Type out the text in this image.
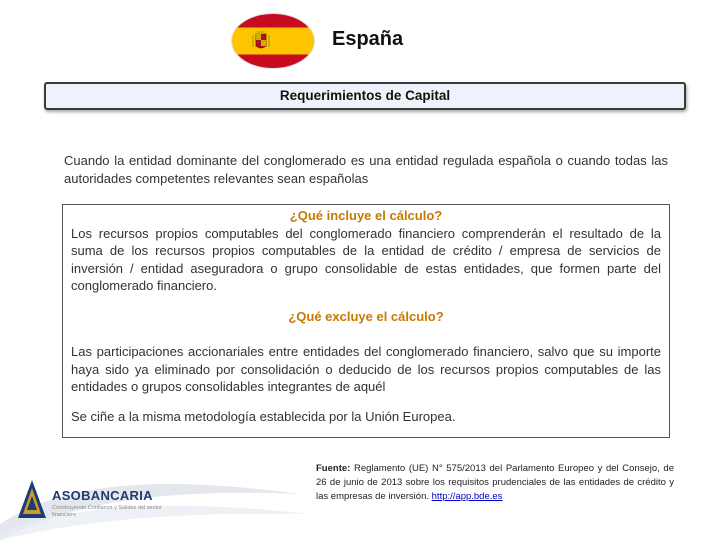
España
Requerimientos de Capital
Cuando la entidad dominante del conglomerado es una entidad regulada española o cuando todas las autoridades competentes relevantes sean españolas
¿Qué incluye el cálculo?
Los recursos propios computables del conglomerado financiero comprenderán el resultado de la suma de los recursos propios computables de la entidad de crédito / empresa de servicios de inversión / entidad aseguradora o grupo consolidable de estas entidades, que formen parte del conglomerado financiero.
¿Qué excluye el cálculo?
Las participaciones accionariales entre entidades del conglomerado financiero, salvo que su importe haya sido ya eliminado por consolidación o deducido de los recursos propios computables de las entidades o grupos consolidables integrantes de aquél
Se ciñe a la misma metodología establecida por la Unión Europea.
ASOBANCARIA
Construyendo Confianza y Solidez del sector financiero
Fuente: Reglamento (UE) N° 575/2013 del Parlamento Europeo y del Consejo, de 26 de junio de 2013 sobre los requisitos prudenciales de las entidades de crédito y las empresas de inversión. http://app.bde.es
